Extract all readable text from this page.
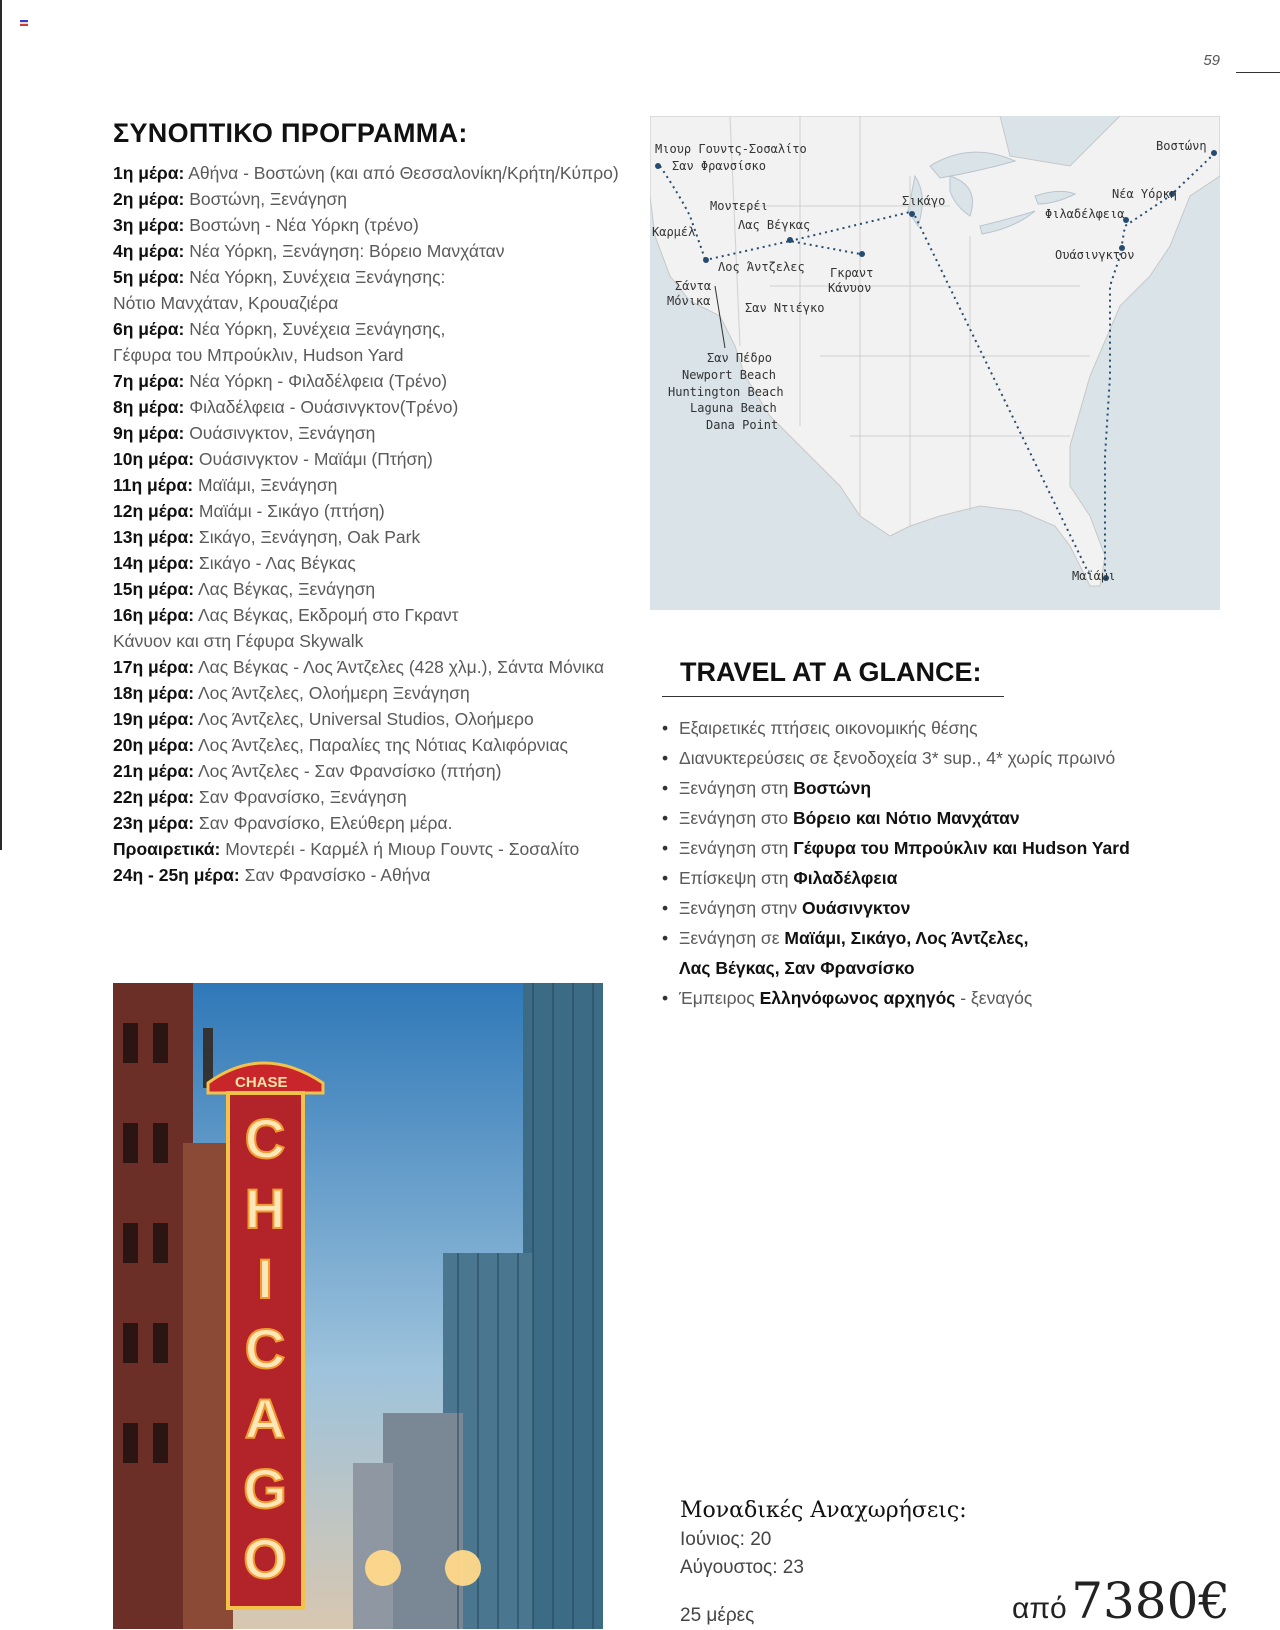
59
ΣΥΝΟΠΤΙΚΟ ΠΡΟΓΡΑΜΜΑ:
1η μέρα: Αθήνα - Βοστώνη (και από Θεσσαλονίκη/Κρήτη/Κύπρο)
2η μέρα: Βοστώνη, Ξενάγηση
3η μέρα: Βοστώνη - Νέα Υόρκη (τρένο)
4η μέρα: Νέα Υόρκη, Ξενάγηση: Βόρειο Μανχάταν
5η μέρα: Νέα Υόρκη, Συνέχεια Ξενάγησης:
Νότιο Μανχάταν, Κρουαζιέρα
6η μέρα: Νέα Υόρκη, Συνέχεια Ξενάγησης,
Γέφυρα του Μπρούκλιν, Hudson Yard
7η μέρα: Νέα Υόρκη - Φιλαδέλφεια (Τρένο)
8η μέρα: Φιλαδέλφεια - Ουάσινγκτον(Τρένο)
9η μέρα: Ουάσινγκτον, Ξενάγηση
10η μέρα: Ουάσινγκτον - Μαϊάμι (Πτήση)
11η μέρα: Μαϊάμι, Ξενάγηση
12η μέρα: Μαϊάμι - Σικάγο (πτήση)
13η μέρα: Σικάγο, Ξενάγηση, Oak Park
14η μέρα: Σικάγο - Λας Βέγκας
15η μέρα: Λας Βέγκας, Ξενάγηση
16η μέρα: Λας Βέγκας, Εκδρομή στο Γκραντ
Κάνυον και στη Γέφυρα Skywalk
17η μέρα: Λας Βέγκας - Λος Άντζελες (428 χλμ.), Σάντα Μόνικα
18η μέρα: Λος Άντζελες, Ολοήμερη Ξενάγηση
19η μέρα: Λος Άντζελες, Universal Studios, Ολοήμερο
20η μέρα: Λος Άντζελες, Παραλίες της Νότιας Καλιφόρνιας
21η μέρα: Λος Άντζελες - Σαν Φρανσίσκο (πτήση)
22η μέρα: Σαν Φρανσίσκο, Ξενάγηση
23η μέρα: Σαν Φρανσίσκο, Ελεύθερη μέρα.
Προαιρετικά: Μοντερέι - Καρμέλ ή Μιουρ Γουντς - Σοσαλίτο
24η - 25η μέρα: Σαν Φρανσίσκο - Αθήνα
Μιουρ Γουντς-Σοσαλίτο
Σαν Φρανσίσκο
Μοντερέι
Καρμέλ	Λας Βέγκας
Λος Άντζελες
Σάντα
Μόνικα	Σαν Ντιέγκο
Γκραντ
Κάνυον
Σικάγο
Βοστώνη
Νέα Υόρκη
Φιλαδέλφεια
Ουάσινγκτον
Μαϊάμι
Σαν Πέδρο
Newport Beach
Huntington Beach
Laguna Beach
Dana Point
TRAVEL AT A GLANCE:
• Εξαιρετικές πτήσεις οικονομικής θέσης
• Διανυκτερεύσεις σε ξενοδοχεία 3* sup., 4* χωρίς πρωινό
• Ξενάγηση στη Βοστώνη
• Ξενάγηση στο Βόρειο και Νότιο Μανχάταν
• Ξενάγηση στη Γέφυρα του Μπρούκλιν και Hudson Yard
• Επίσκεψη στη Φιλαδέλφεια
• Ξενάγηση στην Ουάσινγκτον
• Ξενάγηση σε Μαϊάμι, Σικάγο, Λος Άντζελες,
Λας Βέγκας, Σαν Φρανσίσκο
• Έμπειρος Ελληνόφωνος αρχηγός - ξεναγός
CHASE
C
H
I
C
A
G
O
Μοναδικές Αναχωρήσεις:
Ιούνιος: 20
Αύγουστος: 23
25 μέρες	από 7380€
